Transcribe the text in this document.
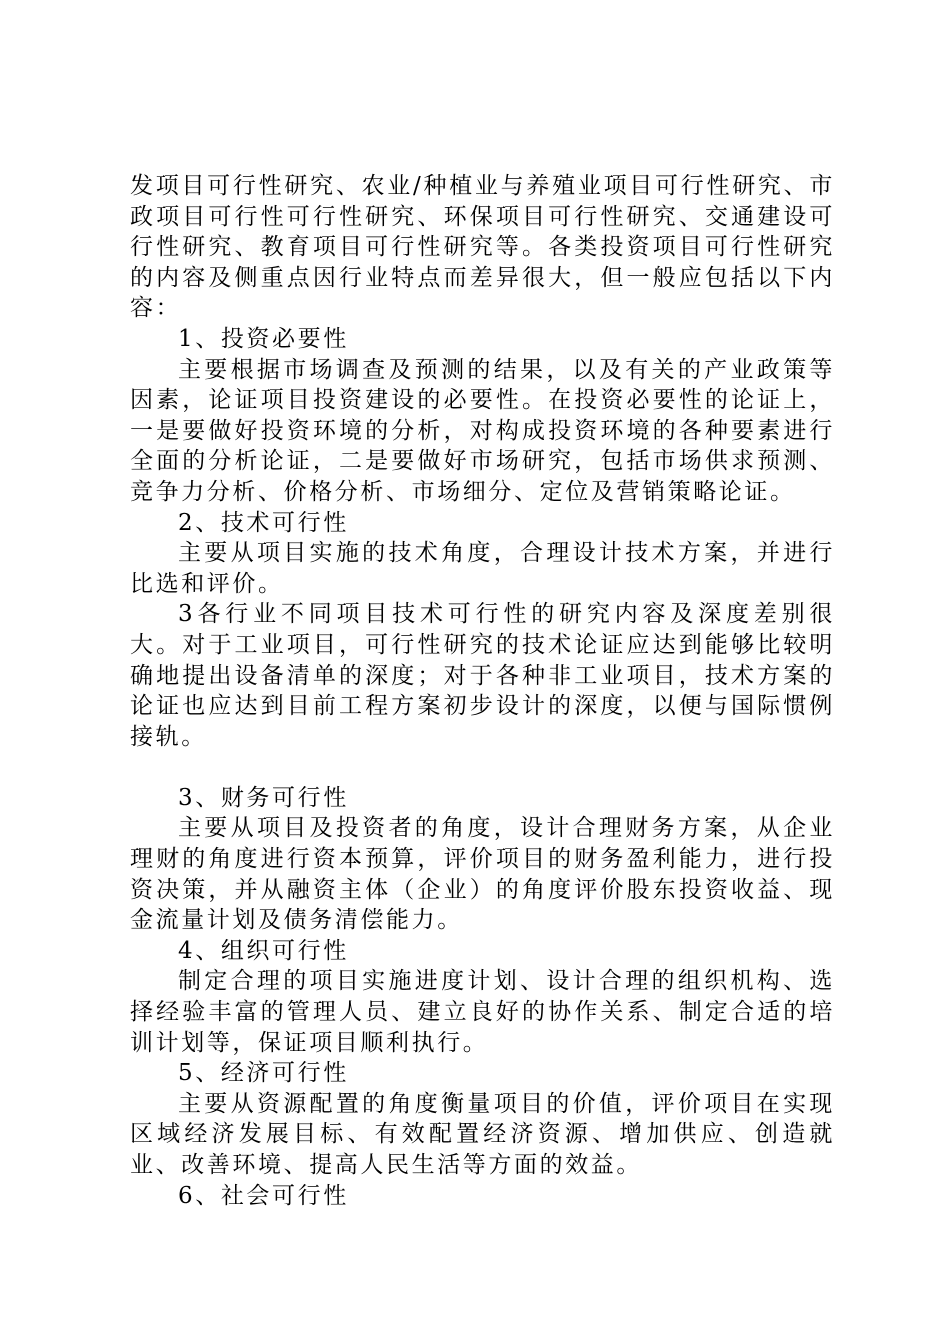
发项目可行性研究、农业/种植业与养殖业项目可行性研究、市政项目可行性可行性研究、环保项目可行性研究、交通建设可行性研究、教育项目可行性研究等。各类投资项目可行性研究的内容及侧重点因行业特点而差异很大，但一般应包括以下内容：

1、投资必要性

主要根据市场调查及预测的结果，以及有关的产业政策等因素，论证项目投资建设的必要性。在投资必要性的论证上，一是要做好投资环境的分析，对构成投资环境的各种要素进行全面的分析论证，二是要做好市场研究，包括市场供求预测、竞争力分析、价格分析、市场细分、定位及营销策略论证。

2、技术可行性

主要从项目实施的技术角度，合理设计技术方案，并进行比选和评价。

3各行业不同项目技术可行性的研究内容及深度差别很大。对于工业项目，可行性研究的技术论证应达到能够比较明确地提出设备清单的深度；对于各种非工业项目，技术方案的论证也应达到目前工程方案初步设计的深度，以便与国际惯例接轨。

3、财务可行性

主要从项目及投资者的角度，设计合理财务方案，从企业理财的角度进行资本预算，评价项目的财务盈利能力，进行投资决策，并从融资主体（企业）的角度评价股东投资收益、现金流量计划及债务清偿能力。

4、组织可行性

制定合理的项目实施进度计划、设计合理的组织机构、选择经验丰富的管理人员、建立良好的协作关系、制定合适的培训计划等，保证项目顺利执行。

5、经济可行性

主要从资源配置的角度衡量项目的价值，评价项目在实现区域经济发展目标、有效配置经济资源、增加供应、创造就业、改善环境、提高人民生活等方面的效益。

6、社会可行性
